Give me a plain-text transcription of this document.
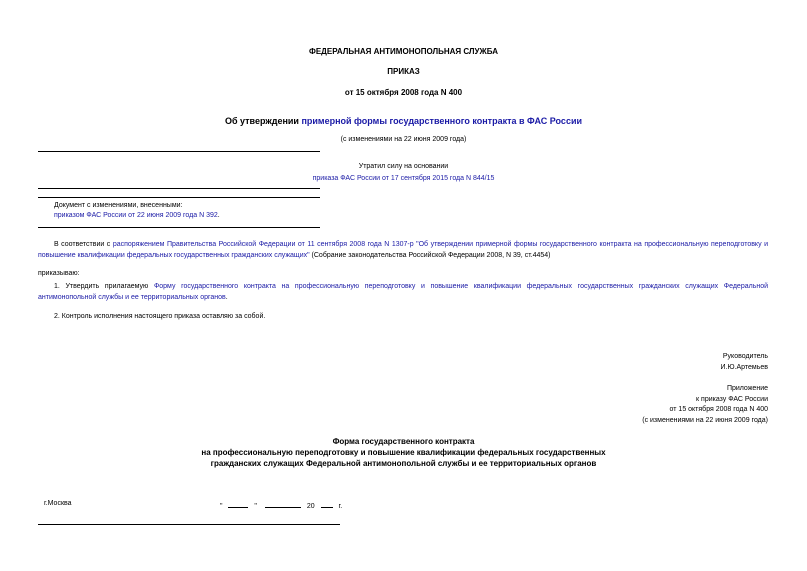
ФЕДЕРАЛЬНАЯ АНТИМОНОПОЛЬНАЯ СЛУЖБА
ПРИКАЗ
от 15 октября 2008 года N 400
Об утверждении примерной формы государственного контракта в ФАС России
(с изменениями на 22 июня 2009 года)
Утратил силу на основании
приказа ФАС России от 17 сентября 2015 года N 844/15
Документ с изменениями, внесенными:
приказом ФАС России от 22 июня 2009 года N 392.
В соответствии с распоряжением Правительства Российской Федерации от 11 сентября 2008 года N 1307-р "Об утверждении примерной формы государственного контракта на профессиональную переподготовку и повышение квалификации федеральных государственных гражданских служащих" (Собрание законодательства Российской Федерации 2008, N 39, ст.4454)
приказываю:
1. Утвердить прилагаемую Форму государственного контракта на профессиональную переподготовку и повышение квалификации федеральных государственных гражданских служащих Федеральной антимонопольной службы и ее территориальных органов.
2. Контроль исполнения настоящего приказа оставляю за собой.
Руководитель
И.Ю.Артемьев
Приложение
к приказу ФАС России
от 15 октября 2008 года N 400
(с изменениями на 22 июня 2009 года)
Форма государственного контракта
на профессиональную переподготовку и повышение квалификации федеральных государственных
гражданских служащих Федеральной антимонопольной службы и ее территориальных органов
г.Москва	"	"	20	г.
